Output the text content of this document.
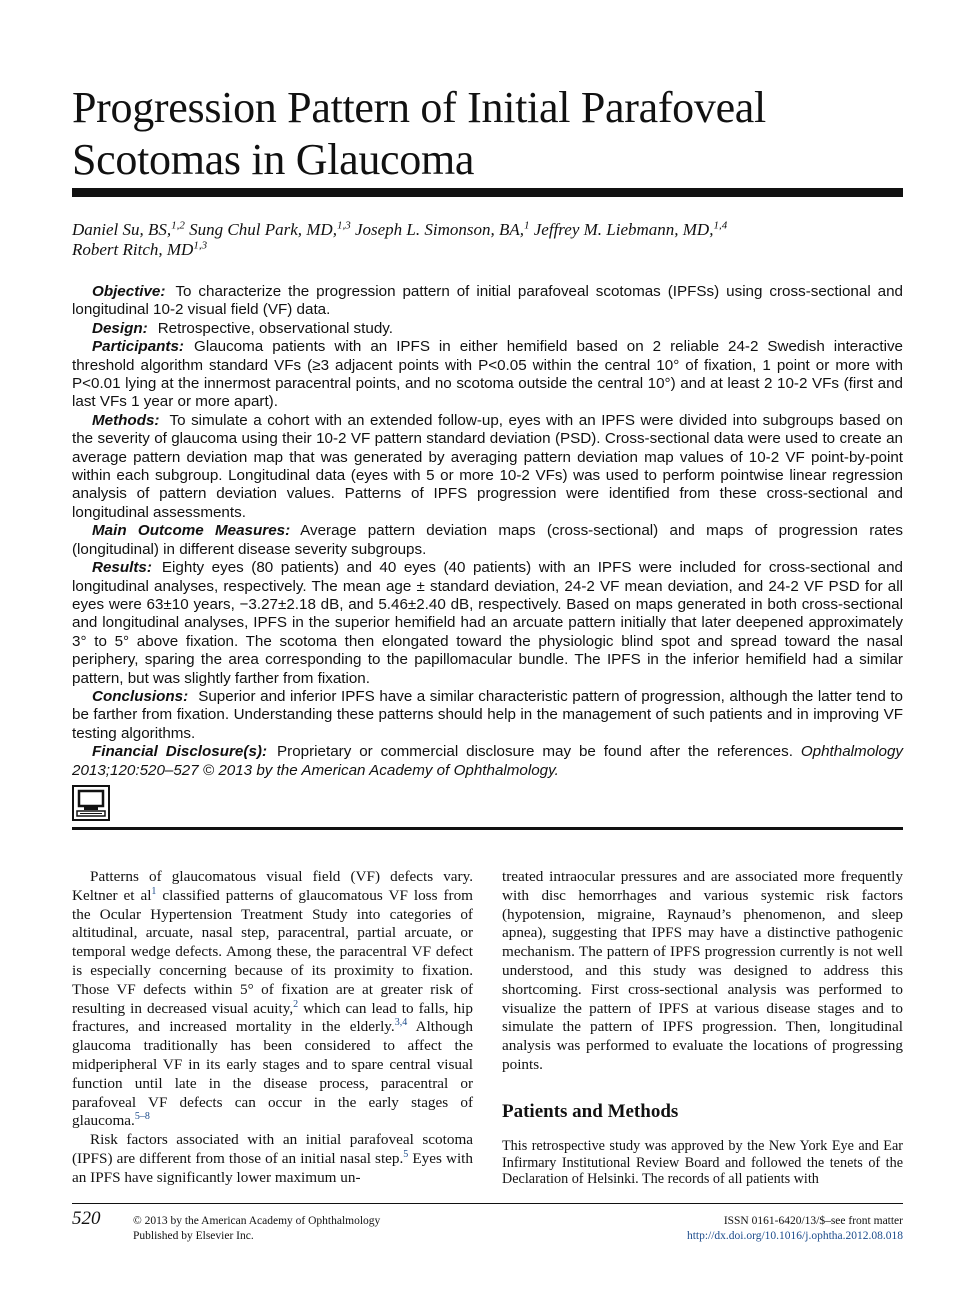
Progression Pattern of Initial Parafoveal Scotomas in Glaucoma
Daniel Su, BS,$^{1,2}$ Sung Chul Park, MD,$^{1,3}$ Joseph L. Simonson, BA,$^1$ Jeffrey M. Liebmann, MD,$^{1,4}$
Robert Ritch, MD$^{1,3}$

Objective: To characterize the progression pattern of initial parafoveal scotomas (IPFSs) using cross-sectional and longitudinal 10-2 visual field (VF) data.

Design: Retrospective, observational study.

Participants: Glaucoma patients with an IPFS in either hemifield based on 2 reliable 24-2 Swedish interactive threshold algorithm standard VFs (≥3 adjacent points with P<0.05 within the central 10° of fixation, 1 point or more with P<0.01 lying at the innermost paracentral points, and no scotoma outside the central 10°) and at least 2 10-2 VFs (first and last VFs 1 year or more apart).

Methods: To simulate a cohort with an extended follow-up, eyes with an IPFS were divided into subgroups based on the severity of glaucoma using their 10-2 VF pattern standard deviation (PSD). Cross-sectional data were used to create an average pattern deviation map that was generated by averaging pattern deviation map values of 10-2 VF point-by-point within each subgroup. Longitudinal data (eyes with 5 or more 10-2 VFs) was used to perform pointwise linear regression analysis of pattern deviation values. Patterns of IPFS progression were identified from these cross-sectional and longitudinal assessments.

Main Outcome Measures: Average pattern deviation maps (cross-sectional) and maps of progression rates (longitudinal) in different disease severity subgroups.

Results: Eighty eyes (80 patients) and 40 eyes (40 patients) with an IPFS were included for cross-sectional and longitudinal analyses, respectively. The mean age ± standard deviation, 24-2 VF mean deviation, and 24-2 VF PSD for all eyes were 63±10 years, −3.27±2.18 dB, and 5.46±2.40 dB, respectively. Based on maps generated in both cross-sectional and longitudinal analyses, IPFS in the superior hemifield had an arcuate pattern initially that later deepened approximately 3° to 5° above fixation. The scotoma then elongated toward the physiologic blind spot and spread toward the nasal periphery, sparing the area corresponding to the papillomacular bundle. The IPFS in the inferior hemifield had a similar pattern, but was slightly farther from fixation.

Conclusions: Superior and inferior IPFS have a similar characteristic pattern of progression, although the latter tend to be farther from fixation. Understanding these patterns should help in the management of such patients and in improving VF testing algorithms.

Financial Disclosure(s): Proprietary or commercial disclosure may be found after the references. Ophthalmology 2013;120:520–527 © 2013 by the American Academy of Ophthalmology.

Patterns of glaucomatous visual field (VF) defects vary. Keltner et $al^1$ classified patterns of glaucomatous VF loss from the Ocular Hypertension Treatment Study into categories of altitudinal, arcuate, nasal step, paracentral, partial arcuate, or temporal wedge defects. Among these, the paracentral VF defect is especially concerning because of its proximity to fixation. Those VF defects within 5° of fixation are at greater risk of resulting in decreased visual acuity,$^2$ which can lead to falls, hip fractures, and increased mortality in the elderly.$^{3,4}$ Although glaucoma traditionally has been considered to affect the midperipheral VF in its early stages and to spare central visual function until late in the disease process, paracentral or parafoveal VF defects can occur in the early stages of glaucoma.$^{5-8}$

Risk factors associated with an initial parafoveal scotoma (IPFS) are different from those of an initial nasal step.$^5$ Eyes with an IPFS have significantly lower maximum un-

treated intraocular pressures and are associated more frequently with disc hemorrhages and various systemic risk factors (hypotension, migraine, Raynaud’s phenomenon, and sleep apnea), suggesting that IPFS may have a distinctive pathogenic mechanism. The pattern of IPFS progression currently is not well understood, and this study was designed to address this shortcoming. First cross-sectional analysis was performed to visualize the pattern of IPFS at various disease stages and to simulate the pattern of IPFS progression. Then, longitudinal analysis was performed to evaluate the locations of progressing points.

Patients and Methods

This retrospective study was approved by the New York Eye and Ear Infirmary Institutional Review Board and followed the tenets of the Declaration of Helsinki. The records of all patients with

520	© 2013 by the American Academy of Ophthalmology
Published by Elsevier Inc.
ISSN 0161-6420/13/$–see front matter
http://dx.doi.org/10.1016/j.ophtha.2012.08.018
